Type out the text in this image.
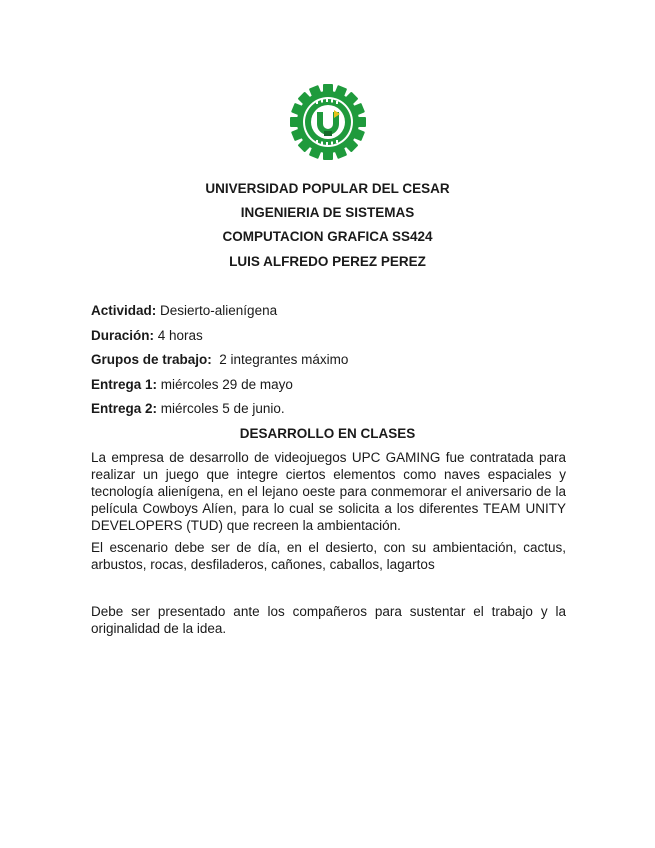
UNIVERSIDAD POPULAR DEL CESAR
INGENIERIA DE SISTEMAS
COMPUTACION GRAFICA SS424
LUIS ALFREDO PEREZ PEREZ
Actividad: Desierto-alienígena
Duración: 4 horas
Grupos de trabajo:  2 integrantes máximo
Entrega 1: miércoles 29 de mayo
Entrega 2: miércoles 5 de junio.
DESARROLLO EN CLASES
La empresa de desarrollo de videojuegos UPC GAMING fue contratada para realizar un juego que integre ciertos elementos como naves espaciales y tecnología alienígena, en el lejano oeste para conmemorar el aniversario de la película Cowboys Alíen, para lo cual se solicita a los diferentes TEAM UNITY DEVELOPERS (TUD) que recreen la ambientación.
El escenario debe ser de día, en el desierto, con su ambientación, cactus, arbustos, rocas, desfiladeros, cañones, caballos, lagartos
Debe ser presentado ante los compañeros para sustentar el trabajo y la originalidad de la idea.
